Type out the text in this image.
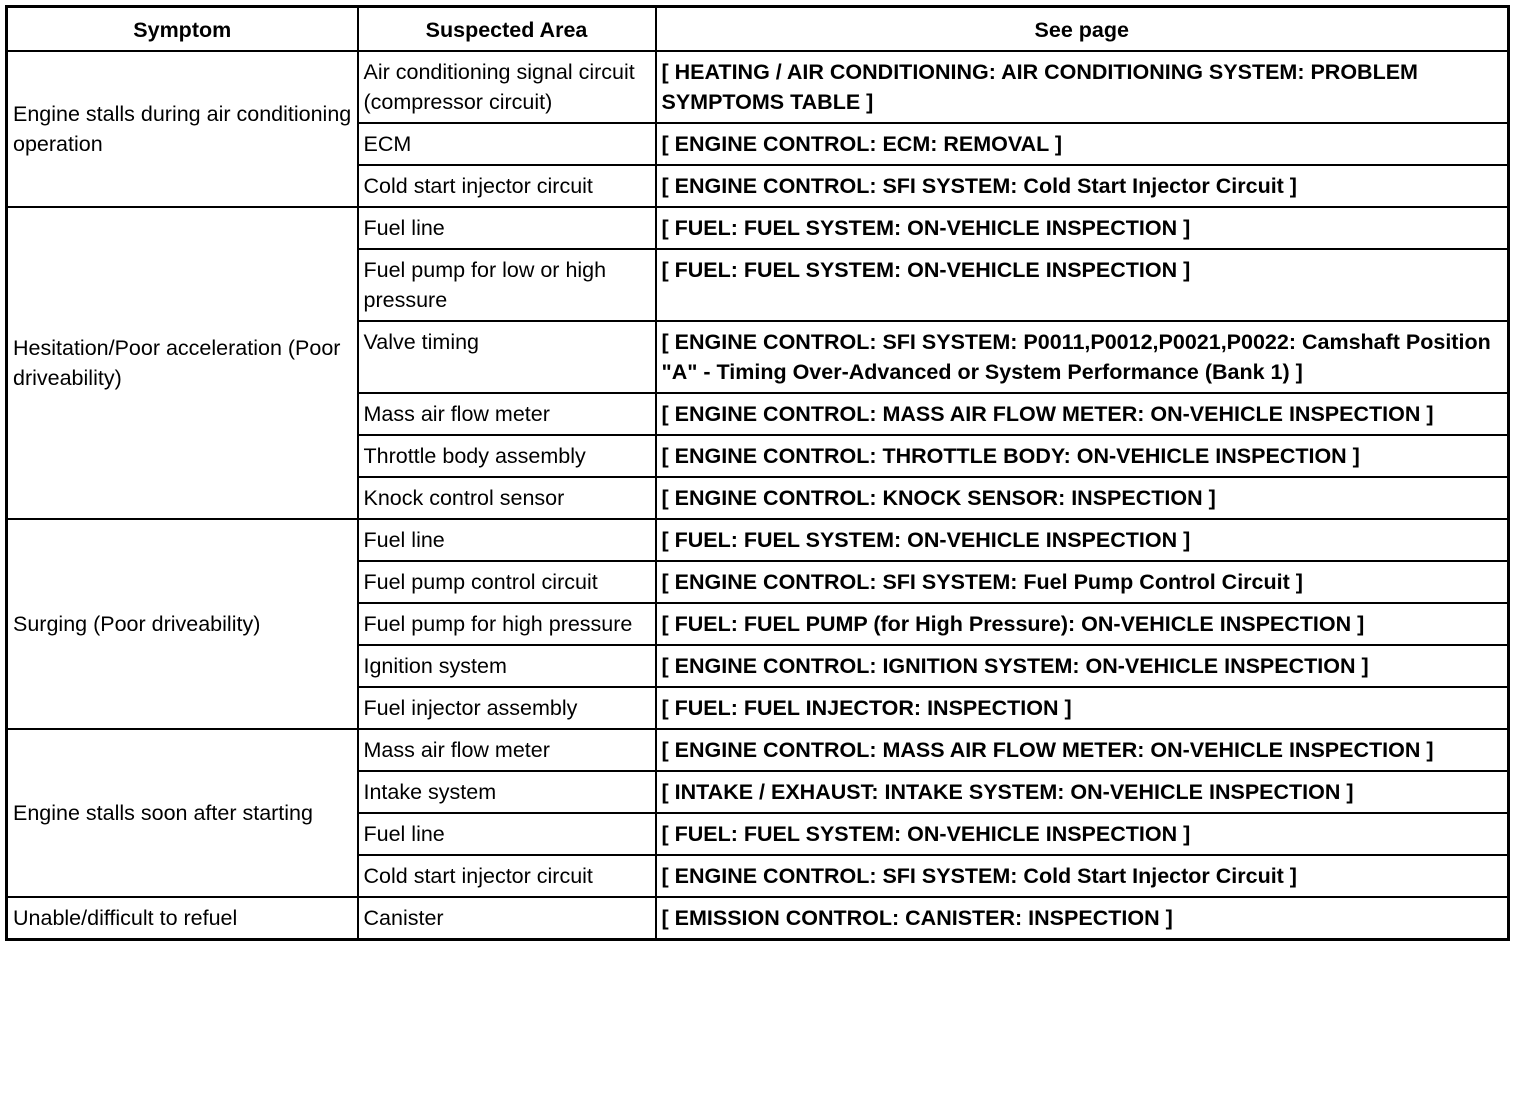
Symptom	Suspected Area	See page
Engine stalls during air conditioning operation	Air conditioning signal circuit (compressor circuit)	[ HEATING / AIR CONDITIONING: AIR CONDITIONING SYSTEM: PROBLEM SYMPTOMS TABLE ]
	ECM	[ ENGINE CONTROL: ECM: REMOVAL ]
	Cold start injector circuit	[ ENGINE CONTROL: SFI SYSTEM: Cold Start Injector Circuit ]
Hesitation/Poor acceleration (Poor driveability)	Fuel line	[ FUEL: FUEL SYSTEM: ON-VEHICLE INSPECTION ]
	Fuel pump for low or high pressure	[ FUEL: FUEL SYSTEM: ON-VEHICLE INSPECTION ]
	Valve timing	[ ENGINE CONTROL: SFI SYSTEM: P0011,P0012,P0021,P0022: Camshaft Position "A" - Timing Over-Advanced or System Performance (Bank 1) ]
	Mass air flow meter	[ ENGINE CONTROL: MASS AIR FLOW METER: ON-VEHICLE INSPECTION ]
	Throttle body assembly	[ ENGINE CONTROL: THROTTLE BODY: ON-VEHICLE INSPECTION ]
	Knock control sensor	[ ENGINE CONTROL: KNOCK SENSOR: INSPECTION ]
Surging (Poor driveability)	Fuel line	[ FUEL: FUEL SYSTEM: ON-VEHICLE INSPECTION ]
	Fuel pump control circuit	[ ENGINE CONTROL: SFI SYSTEM: Fuel Pump Control Circuit ]
	Fuel pump for high pressure	[ FUEL: FUEL PUMP (for High Pressure): ON-VEHICLE INSPECTION ]
	Ignition system	[ ENGINE CONTROL: IGNITION SYSTEM: ON-VEHICLE INSPECTION ]
	Fuel injector assembly	[ FUEL: FUEL INJECTOR: INSPECTION ]
Engine stalls soon after starting	Mass air flow meter	[ ENGINE CONTROL: MASS AIR FLOW METER: ON-VEHICLE INSPECTION ]
	Intake system	[ INTAKE / EXHAUST: INTAKE SYSTEM: ON-VEHICLE INSPECTION ]
	Fuel line	[ FUEL: FUEL SYSTEM: ON-VEHICLE INSPECTION ]
	Cold start injector circuit	[ ENGINE CONTROL: SFI SYSTEM: Cold Start Injector Circuit ]
Unable/difficult to refuel	Canister	[ EMISSION CONTROL: CANISTER: INSPECTION ]
